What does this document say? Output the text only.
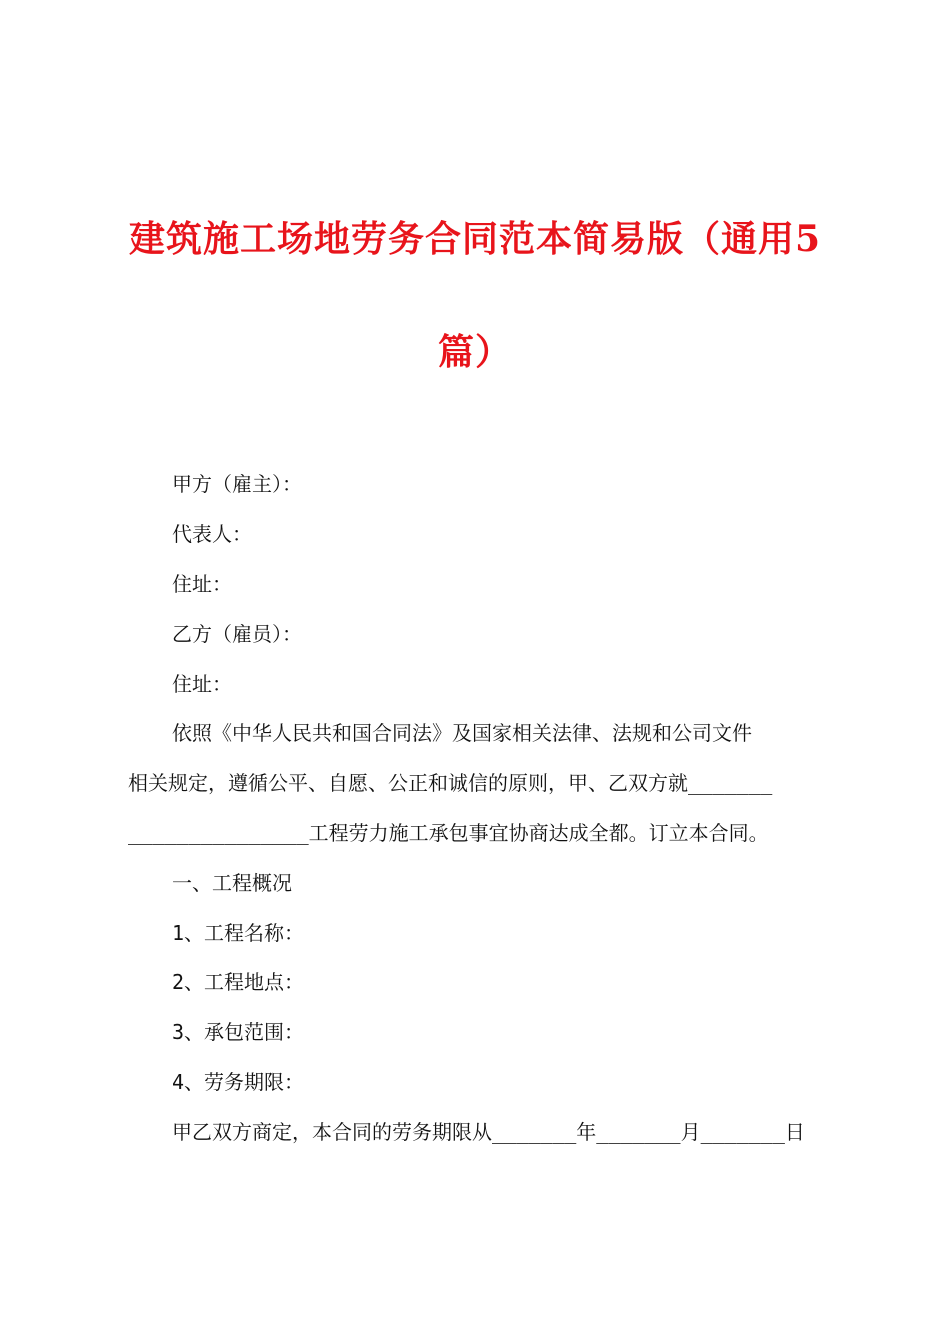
建筑施工场地劳务合同范本简易版（通用5
篇）
甲方（雇主）：
代表人：
住址：
乙方（雇员）：
住址：
依照《中华人民共和国合同法》及国家相关法律、法规和公司文件
相关规定，遵循公平、自愿、公正和诚信的原则，甲、乙双方就_______
_______________工程劳力施工承包事宜协商达成全都。订立本合同。
一、工程概况
1、工程名称：
2、工程地点：
3、承包范围：
4、劳务期限：
甲乙双方商定，本合同的劳务期限从_______年_______月_______日
